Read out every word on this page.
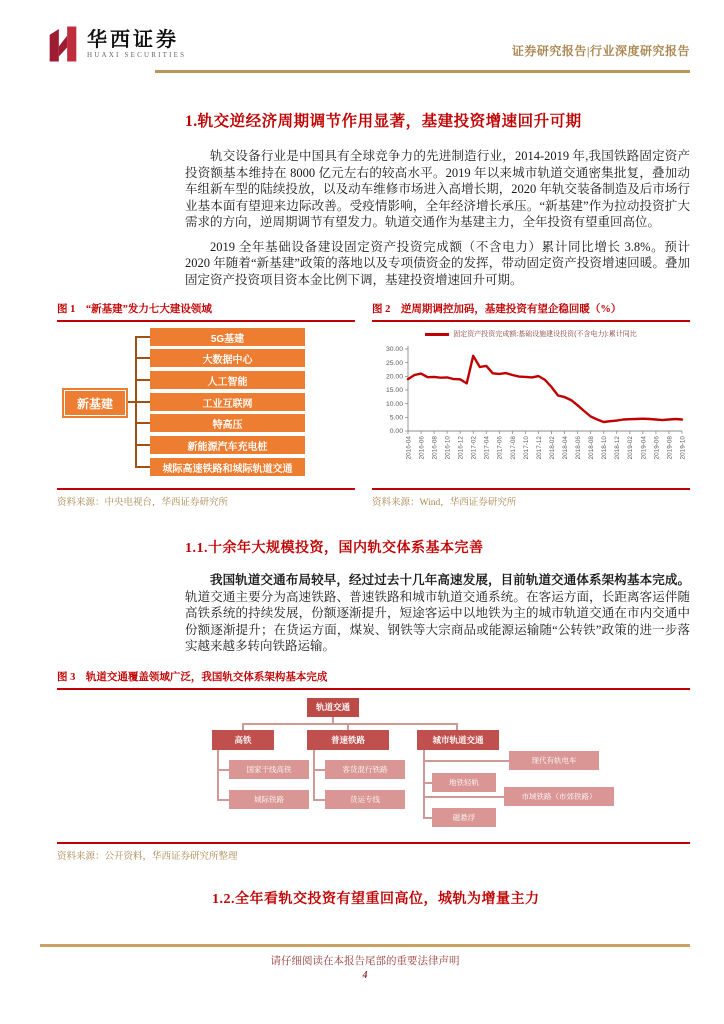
华西证券
HUAXI SECURITIES	证券研究报告|行业深度研究报告
1.轨交逆经济周期调节作用显著，基建投资增速回升可期

轨交设备行业是中国具有全球竞争力的先进制造行业，2014-2019 年,我国铁路固定资产投资额基本维持在 8000 亿元左右的较高水平。2019 年以来城市轨道交通密集批复，叠加动车组新车型的陆续投放，以及动车维修市场进入高增长期，2020 年轨交装备制造及后市场行业基本面有望迎来边际改善。受疫情影响，全年经济增长承压。“新基建”作为拉动投资扩大需求的方向，逆周期调节有望发力。轨道交通作为基建主力，全年投资有望重回高位。

2019 全年基础设备建设固定资产投资完成额（不含电力）累计同比增长 3.8%。预计 2020 年随着“新基建”政策的落地以及专项债资金的发挥，带动固定资产投资增速回暖。叠加固定资产投资项目资本金比例下调，基建投资增速回升可期。

图 1　“新基建”发力七大建设领域
新基建
5G基建
大数据中心
人工智能
工业互联网
特高压
新能源汽车充电桩
城际高速铁路和城际轨道交通
资料来源：中央电视台，华西证券研究所
图 2　逆周期调控加码，基建投资有望企稳回暖（%）
固定资产投资完成额:基础设施建设投资(不含电力):累计同比
0.00
5.00
10.00
15.00
20.00
25.00
30.00
2016-04 2016-06 2016-08 2016-10 2016-12 2017-02 2017-04 2017-06 2017-08 2017-10 2017-12 2018-02 2018-04 2018-06 2018-08 2018-10 2018-12 2019-02 2019-04 2019-06 2019-08 2019-10
资料来源：Wind，华西证券研究所
1.1.十余年大规模投资，国内轨交体系基本完善

我国轨道交通布局较早，经过过去十几年高速发展，目前轨道交通体系架构基本完成。轨道交通主要分为高速铁路、普速铁路和城市轨道交通系统。在客运方面，长距离客运伴随高铁系统的持续发展，份额逐渐提升，短途客运中以地铁为主的城市轨道交通在市内交通中份额逐渐提升；在货运方面，煤炭、钢铁等大宗商品或能源运输随“公转铁”政策的进一步落实越来越多转向铁路运输。

图 3　轨道交通覆盖领域广泛，我国轨交体系架构基本完成
轨道交通
高铁	普速铁路	城市轨道交通
国家干线高铁
城际铁路
客货混行铁路
货运专线
地铁轻轨
磁悬浮
现代有轨电车
市域铁路（市郊铁路）
资料来源：公开资料，华西证券研究所整理
1.2.全年看轨交投资有望重回高位，城轨为增量主力
请仔细阅读在本报告尾部的重要法律声明
4
